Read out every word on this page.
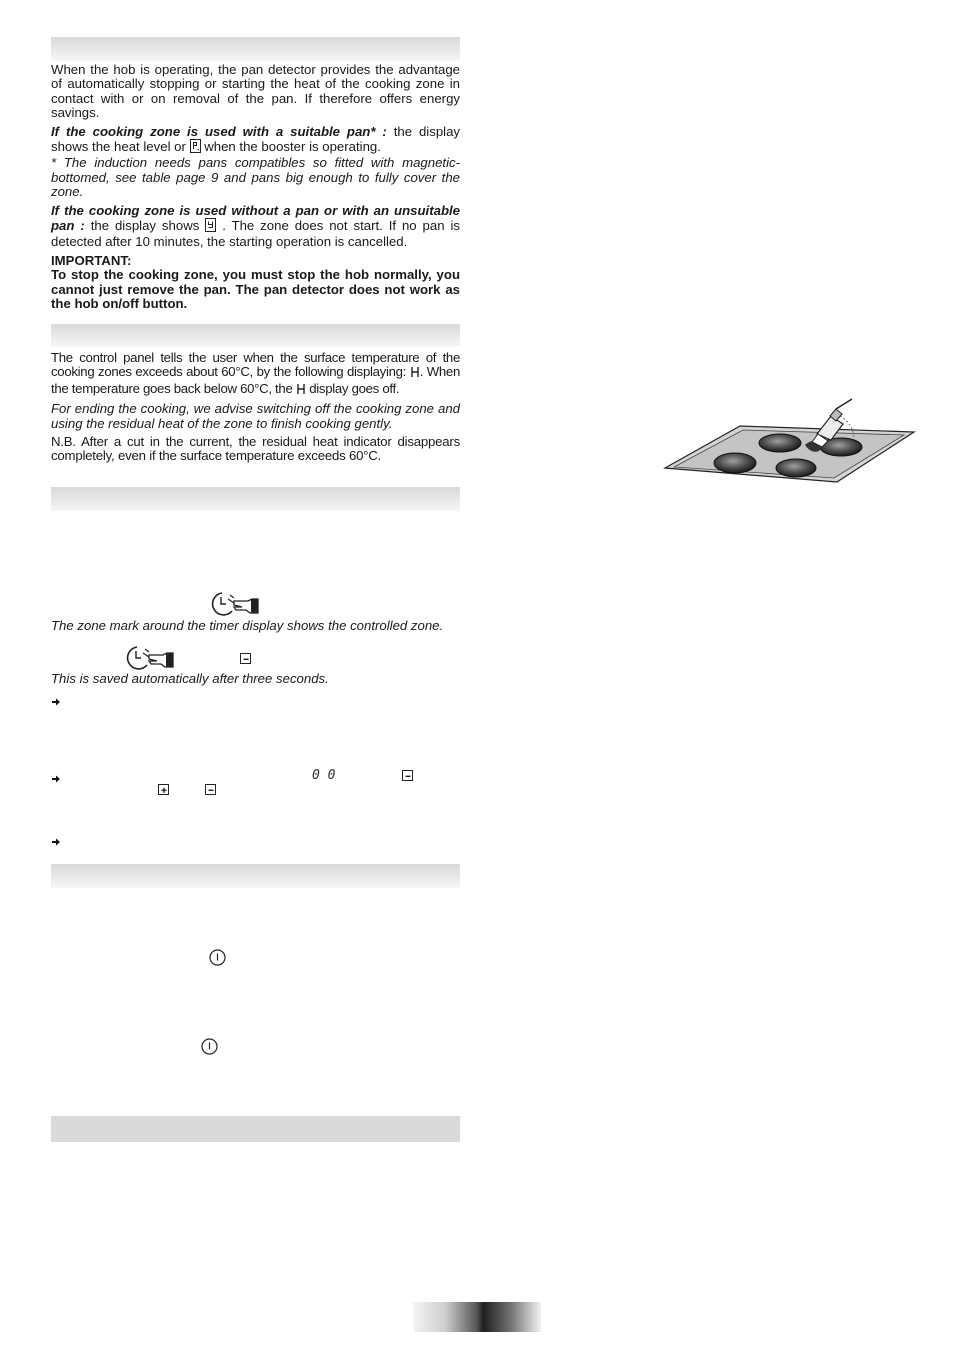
When the hob is operating, the pan detector provides the advantage of automatically stopping or starting the heat of the cooking zone in contact with or on removal of the pan. If therefore offers energy savings.

If the cooking zone is used with a suitable pan* : the display shows the heat level or when the booster is operating.

* The induction needs pans compatibles so fitted with magnetic-bottomed, see table page 9 and pans big enough to fully cover the zone.

If the cooking zone is used without a pan or with an unsuitable pan : the display shows . The zone does not start. If no pan is detected after 10 minutes, the starting operation is cancelled.

IMPORTANT:

To stop the cooking zone, you must stop the hob normally, you cannot just remove the pan. The pan detector does not work as the hob on/off button.

The control panel tells the user when the surface temperature of the cooking zones exceeds about 60°C, by the following displaying: . When the temperature goes back below 60°C, the display goes off.

For ending the cooking, we advise switching off the cooking zone and using the residual heat of the zone to finish cooking gently.

N.B. After a cut in the current, the residual heat indicator disappears completely, even if the surface temperature exceeds 60°C.

The zone mark around the timer display shows the controlled zone.

This is saved automatically after three seconds.

0 0
